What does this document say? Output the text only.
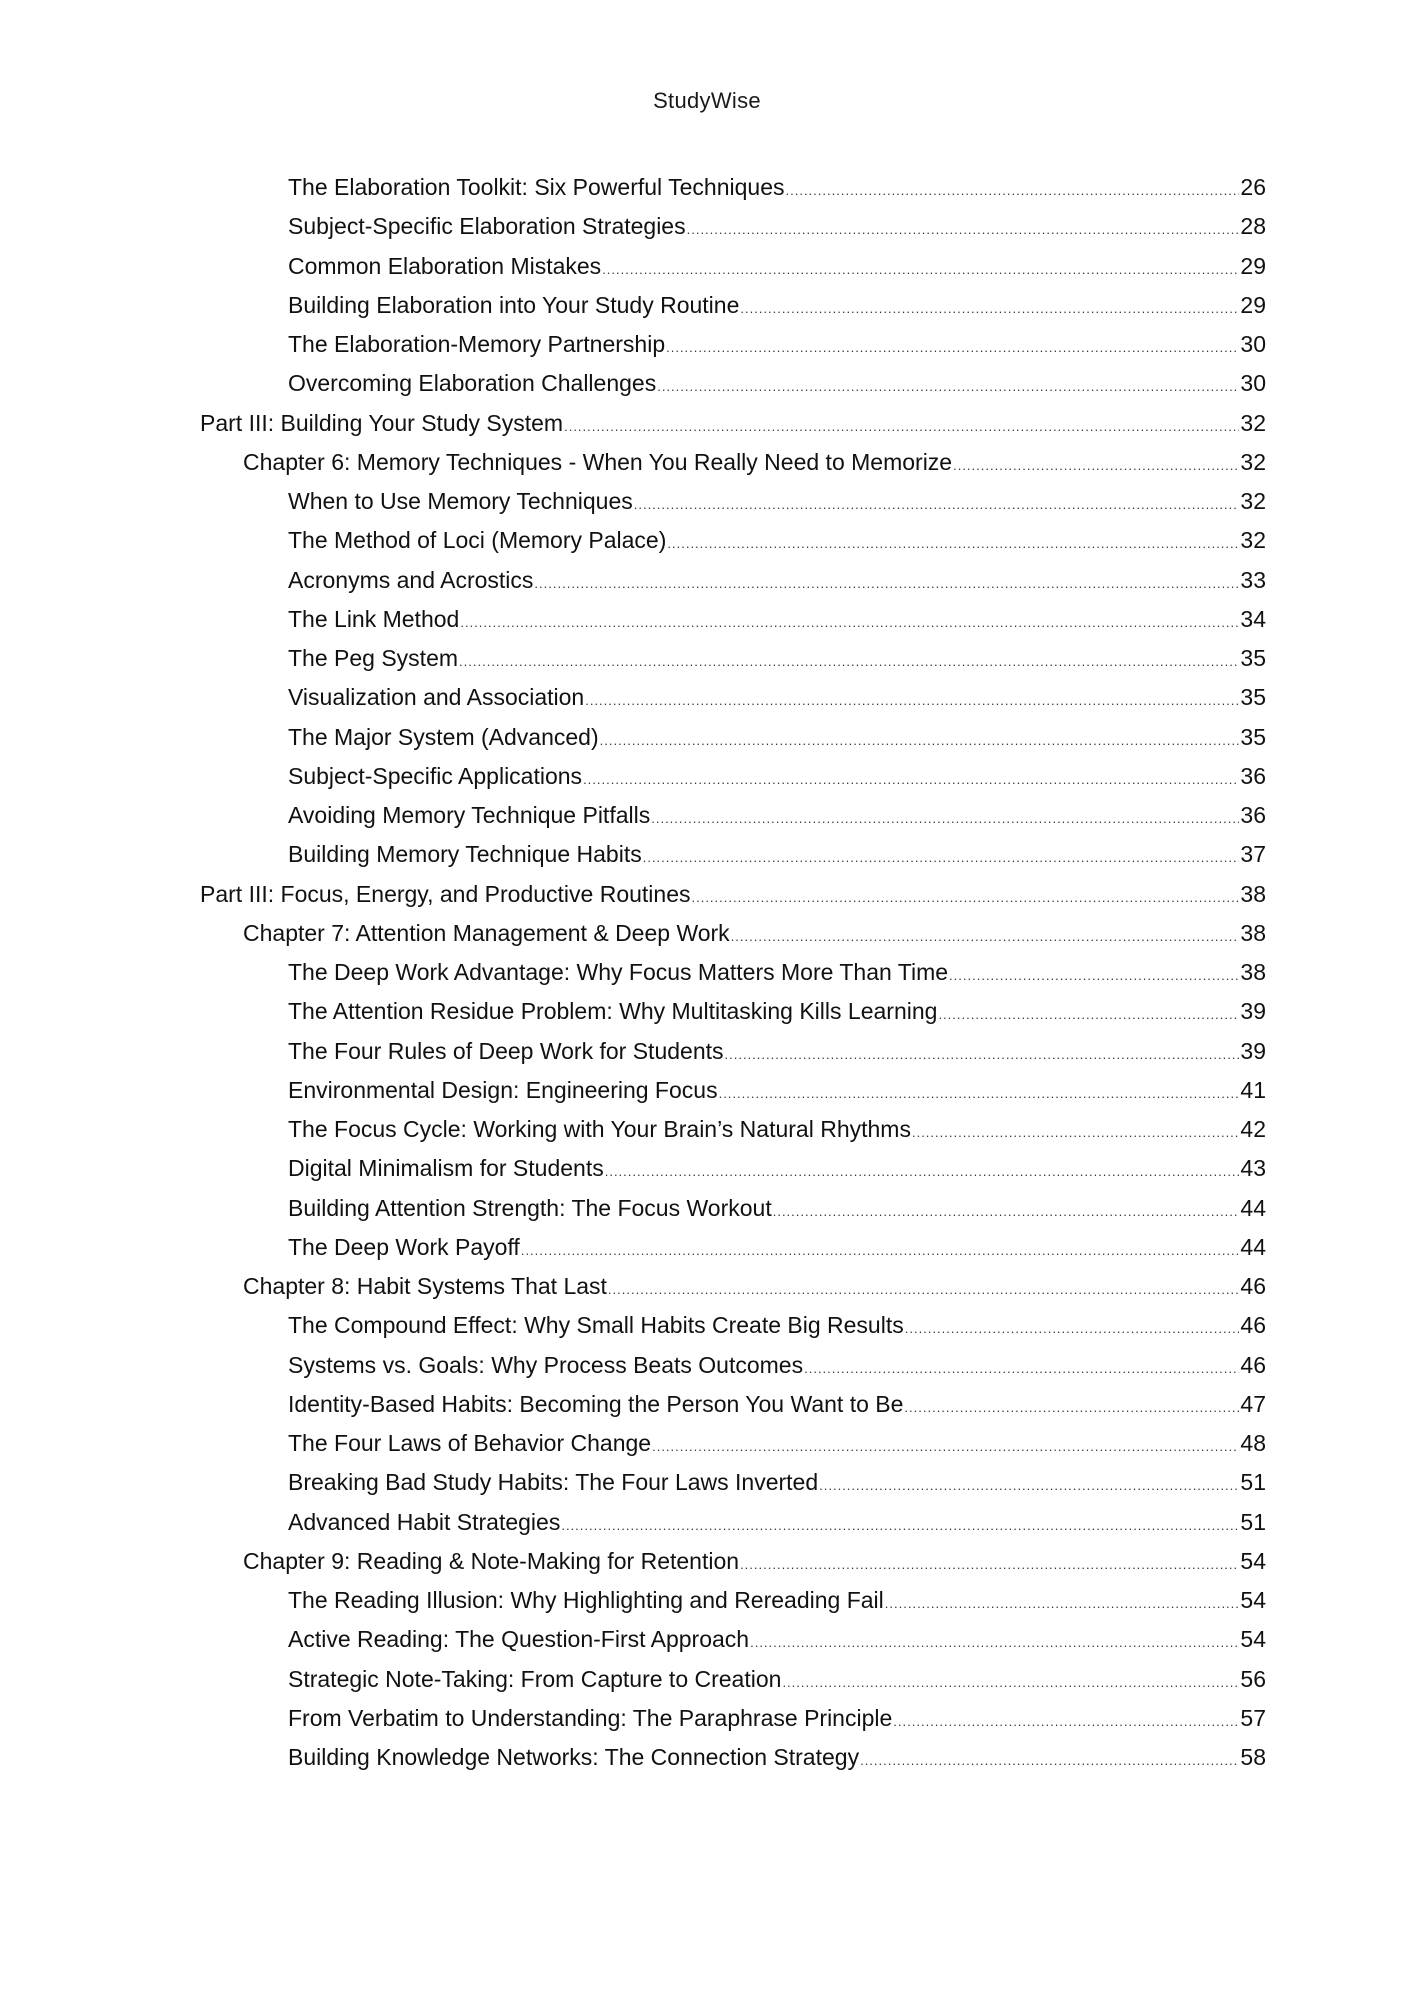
StudyWise
The Elaboration Toolkit: Six Powerful Techniques .....	26
Subject-Specific Elaboration Strategies .....	28
Common Elaboration Mistakes .....	29
Building Elaboration into Your Study Routine .....	29
The Elaboration-Memory Partnership .....	30
Overcoming Elaboration Challenges .....	30
Part III: Building Your Study System .....	32
Chapter 6: Memory Techniques - When You Really Need to Memorize .....	32
When to Use Memory Techniques .....	32
The Method of Loci (Memory Palace) .....	32
Acronyms and Acrostics .....	33
The Link Method .....	34
The Peg System .....	35
Visualization and Association .....	35
The Major System (Advanced) .....	35
Subject-Specific Applications .....	36
Avoiding Memory Technique Pitfalls .....	36
Building Memory Technique Habits .....	37
Part III: Focus, Energy, and Productive Routines .....	38
Chapter 7: Attention Management & Deep Work .....	38
The Deep Work Advantage: Why Focus Matters More Than Time .....	38
The Attention Residue Problem: Why Multitasking Kills Learning .....	39
The Four Rules of Deep Work for Students .....	39
Environmental Design: Engineering Focus .....	41
The Focus Cycle: Working with Your Brain’s Natural Rhythms .....	42
Digital Minimalism for Students .....	43
Building Attention Strength: The Focus Workout .....	44
The Deep Work Payoff .....	44
Chapter 8: Habit Systems That Last .....	46
The Compound Effect: Why Small Habits Create Big Results .....	46
Systems vs. Goals: Why Process Beats Outcomes .....	46
Identity-Based Habits: Becoming the Person You Want to Be .....	47
The Four Laws of Behavior Change .....	48
Breaking Bad Study Habits: The Four Laws Inverted .....	51
Advanced Habit Strategies .....	51
Chapter 9: Reading & Note-Making for Retention .....	54
The Reading Illusion: Why Highlighting and Rereading Fail .....	54
Active Reading: The Question-First Approach .....	54
Strategic Note-Taking: From Capture to Creation .....	56
From Verbatim to Understanding: The Paraphrase Principle .....	57
Building Knowledge Networks: The Connection Strategy .....	58
